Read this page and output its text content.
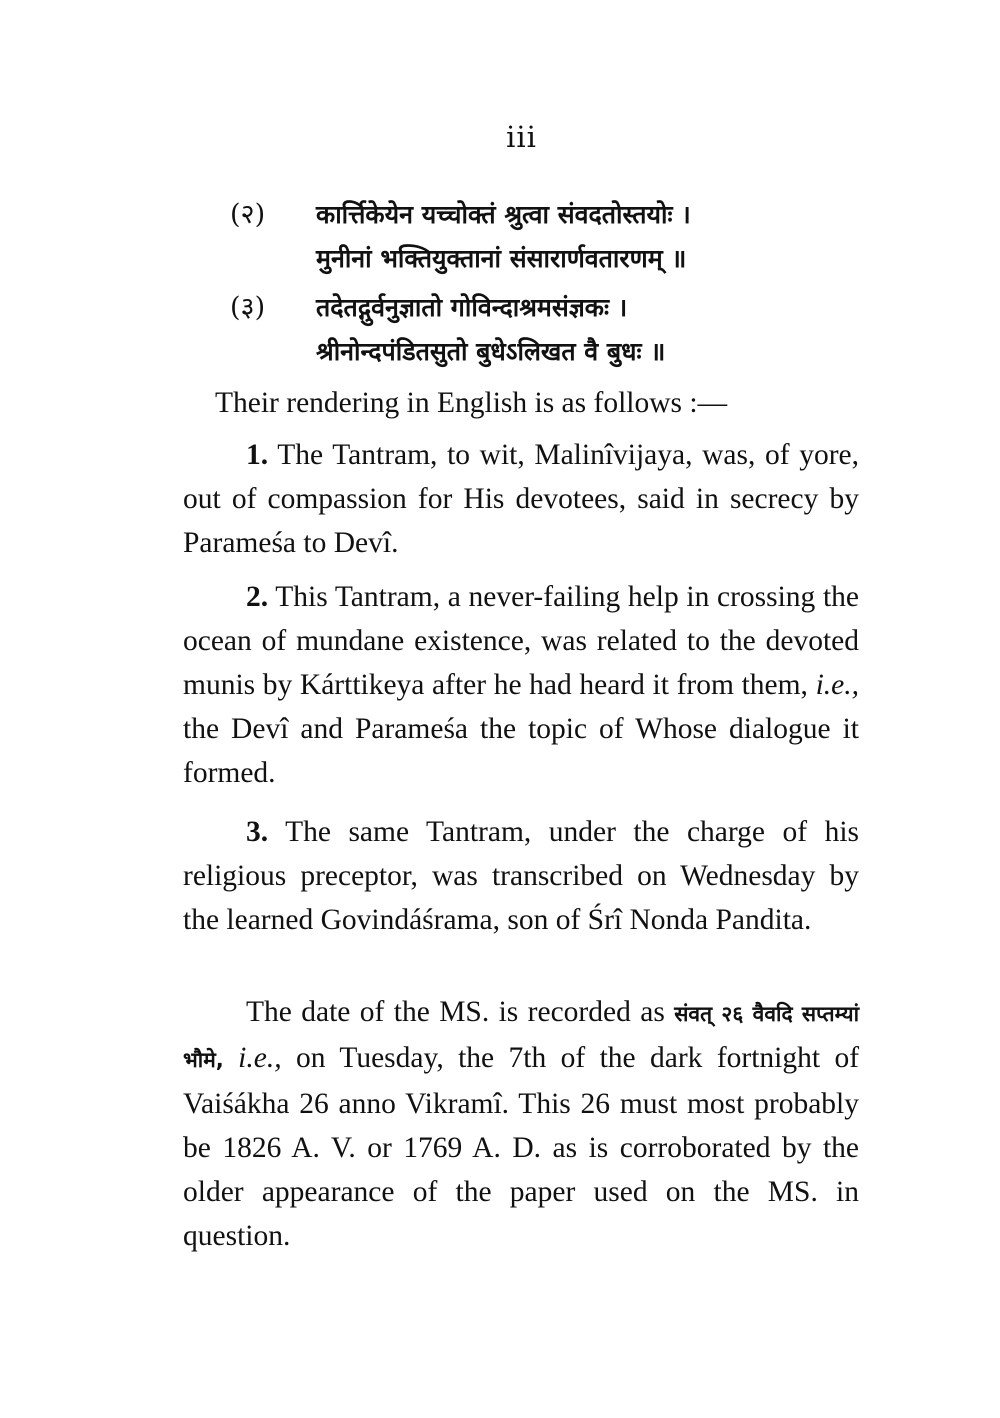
iii
(२) कार्त्तिकेयेन यच्चोक्तं श्रुत्वा संवदतोस्तयोः ।
मुनीनां भक्तियुक्तानां संसारार्णवतारणम् ॥
(३) तदेतद्गुर्वनुज्ञातो गोविन्दाश्रमसंज्ञकः ।
श्रीनोन्दपंडितसुतो बुधेऽलिखत वै बुधः ॥
Their rendering in English is as follows :—

1. The Tantram, to wit, Malinîvijaya, was, of yore, out of compassion for His devotees, said in secrecy by Parameśa to Devî.

2. This Tantram, a never-failing help in crossing the ocean of mundane existence, was related to the devoted munis by Kárttikeya after he had heard it from them, i.e., the Devî and Parameśa the topic of Whose dialogue it formed.

3. The same Tantram, under the charge of his religious preceptor, was transcribed on Wednesday by the learned Govindáśrama, son of Śrî Nonda Pandita.

The date of the MS. is recorded as संवत् २६ वैवदि सप्तम्यां भौमे, i.e., on Tuesday, the 7th of the dark fortnight of Vaiśákha 26 anno Vikramî. This 26 must most probably be 1826 A. V. or 1769 A. D. as is corroborated by the older appearance of the paper used on the MS. in question.
